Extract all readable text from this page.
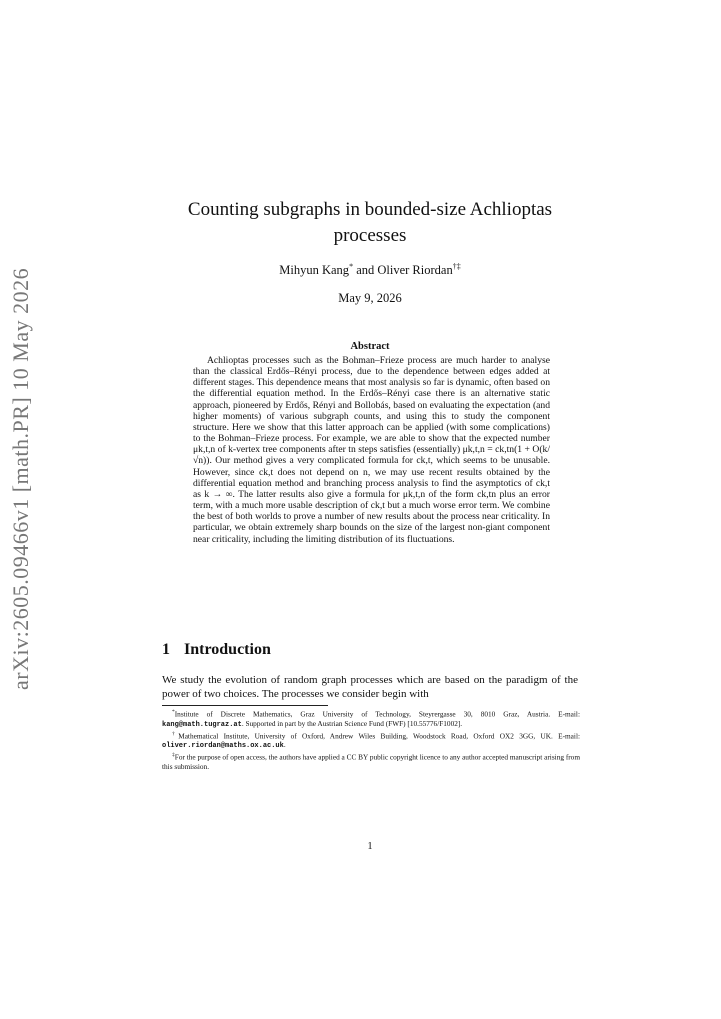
arXiv:2605.09466v1 [math.PR] 10 May 2026
Counting subgraphs in bounded-size Achlioptas processes
Mihyun Kang* and Oliver Riordan†‡
May 9, 2026
Abstract
Achlioptas processes such as the Bohman–Frieze process are much harder to analyse than the classical Erdős–Rényi process, due to the dependence between edges added at different stages. This dependence means that most analysis so far is dynamic, often based on the differential equation method. In the Erdős–Rényi case there is an alternative static approach, pioneered by Erdős, Rényi and Bollobás, based on evaluating the expectation (and higher moments) of various subgraph counts, and using this to study the component structure. Here we show that this latter approach can be applied (with some complications) to the Bohman–Frieze process. For example, we are able to show that the expected number μk,t,n of k-vertex tree components after tn steps satisfies (essentially) μk,t,n = ck,tn(1 + O(k/√n)). Our method gives a very complicated formula for ck,t, which seems to be unusable. However, since ck,t does not depend on n, we may use recent results obtained by the differential equation method and branching process analysis to find the asymptotics of ck,t as k → ∞. The latter results also give a formula for μk,t,n of the form ck,tn plus an error term, with a much more usable description of ck,t but a much worse error term. We combine the best of both worlds to prove a number of new results about the process near criticality. In particular, we obtain extremely sharp bounds on the size of the largest non-giant component near criticality, including the limiting distribution of its fluctuations.
1 Introduction
We study the evolution of random graph processes which are based on the paradigm of the power of two choices. The processes we consider begin with

*Institute of Discrete Mathematics, Graz University of Technology, Steyrergasse 30, 8010 Graz, Austria. E-mail: kang@math.tugraz.at. Supported in part by the Austrian Science Fund (FWF) [10.55776/F1002].

†Mathematical Institute, University of Oxford, Andrew Wiles Building, Woodstock Road, Oxford OX2 3GG, UK. E-mail: oliver.riordan@maths.ox.ac.uk.

‡For the purpose of open access, the authors have applied a CC BY public copyright licence to any author accepted manuscript arising from this submission.

1
